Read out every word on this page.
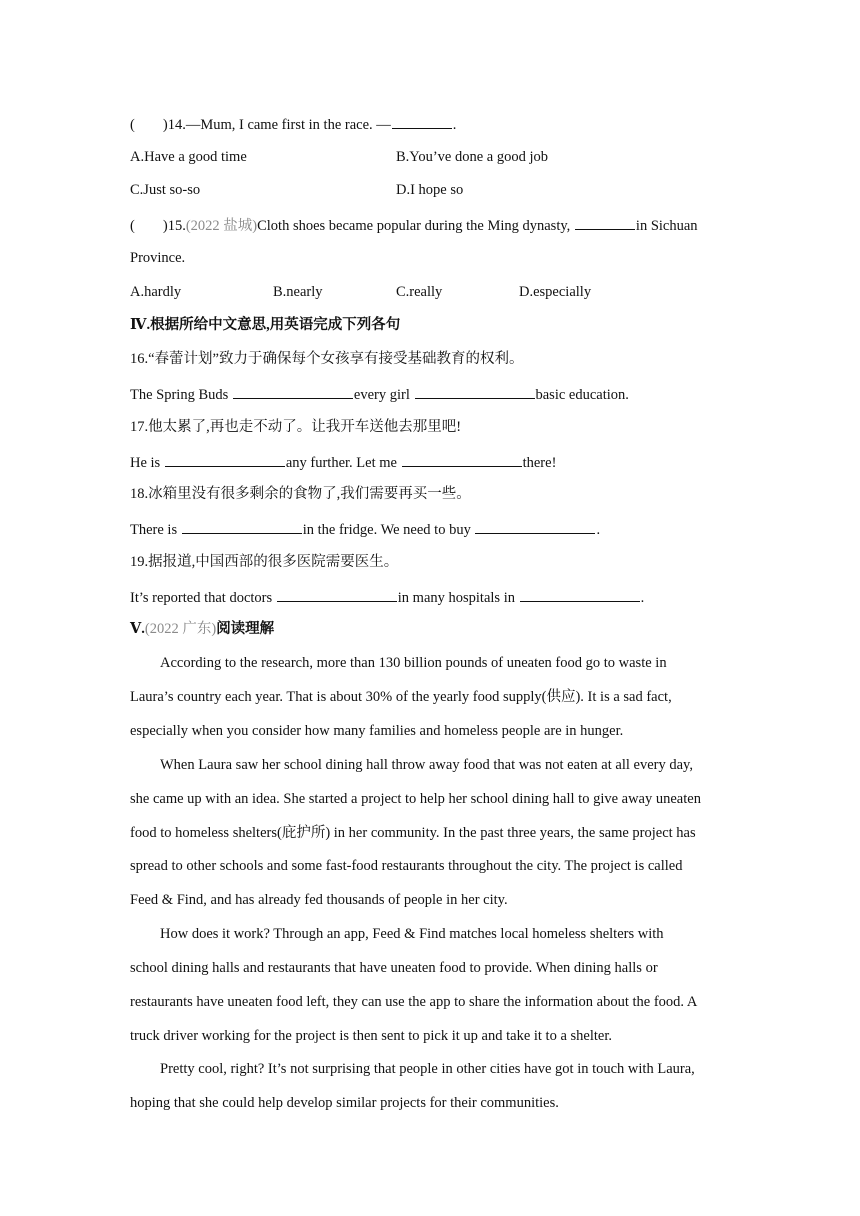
( )14.—Mum, I came first in the race. —	.
A.Have a good time	B.You’ve done a good job
C.Just so-so	D.I hope so
( )15.(2022 盐城)Cloth shoes became popular during the Ming dynasty,	in Sichuan
Province.
A.hardly	B.nearly	C.really	D.especially
Ⅳ.根据所给中文意思,用英语完成下列各句
16.“春蕾计划”致力于确保每个女孩享有接受基础教育的权利。
The Spring Buds	every girl	basic education.
17.他太累了,再也走不动了。让我开车送他去那里吧!
He is	any further. Let me	there!
18.冰箱里没有很多剩余的食物了,我们需要再买一些。
There is	in the fridge. We need to buy	.
19.据报道,中国西部的很多医院需要医生。
It’s reported that doctors	in many hospitals in	.
Ⅴ.(2022 广东)阅读理解
According to the research, more than 130 billion pounds of uneaten food go to waste in
Laura’s country each year. That is about 30% of the yearly food supply(供应). It is a sad fact,
especially when you consider how many families and homeless people are in hunger.
When Laura saw her school dining hall throw away food that was not eaten at all every day,
she came up with an idea. She started a project to help her school dining hall to give away uneaten
food to homeless shelters(庇护所) in her community. In the past three years, the same project has
spread to other schools and some fast-food restaurants throughout the city. The project is called
Feed & Find, and has already fed thousands of people in her city.
How does it work? Through an app, Feed & Find matches local homeless shelters with
school dining halls and restaurants that have uneaten food to provide. When dining halls or
restaurants have uneaten food left, they can use the app to share the information about the food. A
truck driver working for the project is then sent to pick it up and take it to a shelter.
Pretty cool, right? It’s not surprising that people in other cities have got in touch with Laura,
hoping that she could help develop similar projects for their communities.
